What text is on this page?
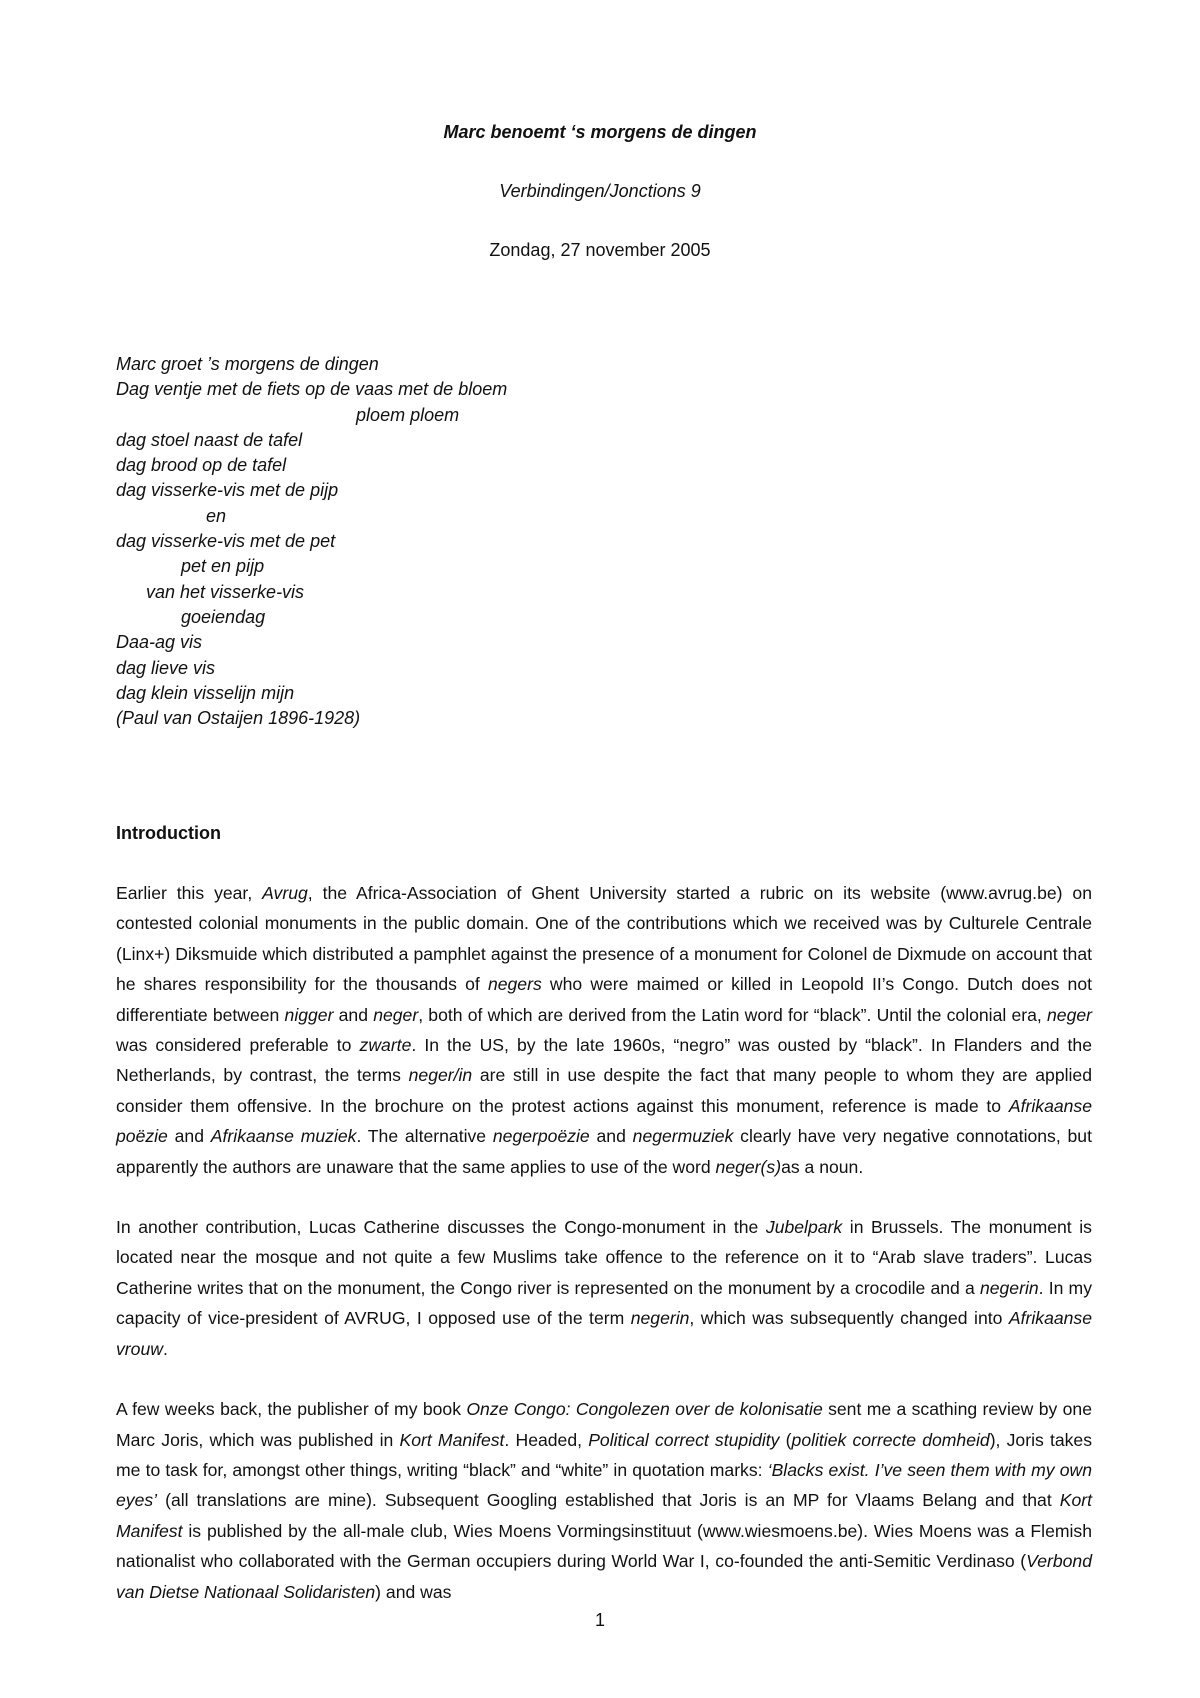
Marc benoemt ‘s morgens de dingen
Verbindingen/Jonctions 9
Zondag, 27 november 2005
Marc groet ’s morgens de dingen
Dag ventje met de fiets op de vaas met de bloem
ploem ploem
dag stoel naast de tafel
dag brood op de tafel
dag visserke-vis met de pijp
en
dag visserke-vis met de pet
pet en pijp
van het visserke-vis
goeiendag
Daa-ag vis
dag lieve vis
dag klein visselijn mijn
(Paul van Ostaijen 1896-1928)
Introduction

Earlier this year, Avrug, the Africa-Association of Ghent University started a rubric on its website (www.avrug.be) on contested colonial monuments in the public domain. One of the contributions which we received was by Culturele Centrale (Linx+) Diksmuide which distributed a pamphlet against the presence of a monument for Colonel de Dixmude on account that he shares responsibility for the thousands of negers who were maimed or killed in Leopold II’s Congo. Dutch does not differentiate between nigger and neger, both of which are derived from the Latin word for “black”. Until the colonial era, neger was considered preferable to zwarte. In the US, by the late 1960s, “negro” was ousted by “black”. In Flanders and the Netherlands, by contrast, the terms neger/in are still in use despite the fact that many people to whom they are applied consider them offensive. In the brochure on the protest actions against this monument, reference is made to Afrikaanse poëzie and Afrikaanse muziek. The alternative negerpoëzie and negermuziek clearly have very negative connotations, but apparently the authors are unaware that the same applies to use of the word neger(s)as a noun.

In another contribution, Lucas Catherine discusses the Congo-monument in the Jubelpark in Brussels. The monument is located near the mosque and not quite a few Muslims take offence to the reference on it to “Arab slave traders”. Lucas Catherine writes that on the monument, the Congo river is represented on the monument by a crocodile and a negerin. In my capacity of vice-president of AVRUG, I opposed use of the term negerin, which was subsequently changed into Afrikaanse vrouw.

A few weeks back, the publisher of my book Onze Congo: Congolezen over de kolonisatie sent me a scathing review by one Marc Joris, which was published in Kort Manifest. Headed, Political correct stupidity (politiek correcte domheid), Joris takes me to task for, amongst other things, writing “black” and “white” in quotation marks: ‘Blacks exist. I’ve seen them with my own eyes’ (all translations are mine). Subsequent Googling established that Joris is an MP for Vlaams Belang and that Kort Manifest is published by the all-male club, Wies Moens Vormingsinstituut (www.wiesmoens.be). Wies Moens was a Flemish nationalist who collaborated with the German occupiers during World War I, co-founded the anti-Semitic Verdinaso (Verbond van Dietse Nationaal Solidaristen) and was

1
